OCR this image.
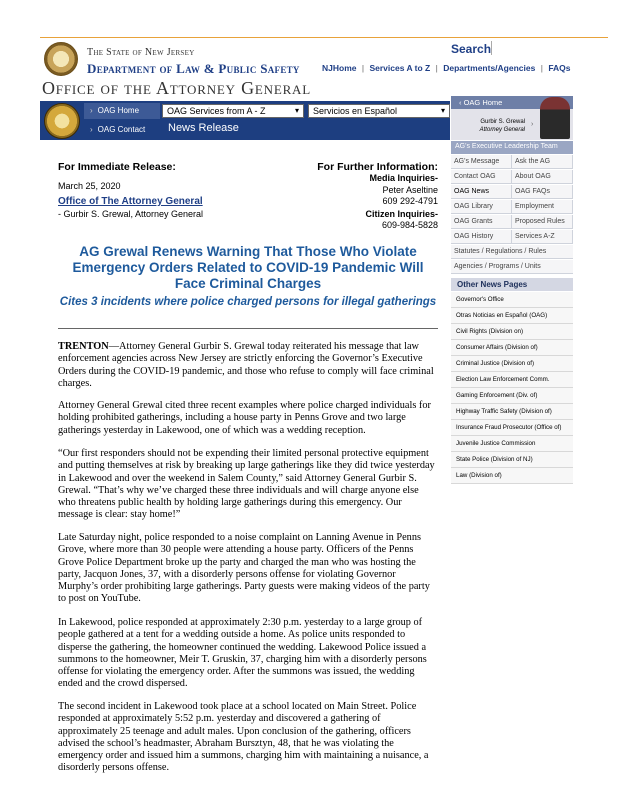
The State of New Jersey
Department of Law & Public Safety
Office of the Attorney General
Search
NJHome | Services A to Z | Departments/Agencies | FAQs
› OAG Home
› OAG Contact
OAG Services from A - Z	▾	Servicios en Español	▾
News Release
‹ OAG Home
Gurbir S. Grewal
Attorney General
›
AG's Executive Leadership Team
AG's Message	Ask the AG
Contact OAG	About OAG
OAG News	OAG FAQs
OAG Library	Employment
OAG Grants	Proposed Rules
OAG History	Services A-Z
Statutes / Regulations / Rules
Agencies / Programs / Units
Other News Pages
Governor's Office
Otras Noticias en Español (OAG)
Civil Rights (Division on)
Consumer Affairs (Division of)
Criminal Justice (Division of)
Election Law Enforcement Comm.
Gaming Enforcement (Div. of)
Highway Traffic Safety (Division of)
Insurance Fraud Prosecutor (Office of)
Juvenile Justice Commission
State Police (Division of NJ)
Law (Division of)
For Immediate Release:
March 25, 2020
Office of The Attorney General
- Gurbir S. Grewal, Attorney General
For Further Information:
Media Inquiries-
Peter Aseltine
609 292-4791
Citizen Inquiries-
609-984-5828
AG Grewal Renews Warning That Those Who Violate Emergency Orders Related to COVID-19 Pandemic Will Face Criminal Charges
Cites 3 incidents where police charged persons for illegal gatherings
TRENTON—Attorney General Gurbir S. Grewal today reiterated his message that law enforcement agencies across New Jersey are strictly enforcing the Governor’s Executive Orders during the COVID-19 pandemic, and those who refuse to comply will face criminal charges.
Attorney General Grewal cited three recent examples where police charged individuals for holding prohibited gatherings, including a house party in Penns Grove and two large gatherings yesterday in Lakewood, one of which was a wedding reception.
“Our first responders should not be expending their limited personal protective equipment and putting themselves at risk by breaking up large gatherings like they did twice yesterday in Lakewood and over the weekend in Salem County,” said Attorney General Gurbir S. Grewal. “That’s why we’ve charged these three individuals and will charge anyone else who threatens public health by holding large gatherings during this emergency. Our message is clear: stay home!”
Late Saturday night, police responded to a noise complaint on Lanning Avenue in Penns Grove, where more than 30 people were attending a house party. Officers of the Penns Grove Police Department broke up the party and charged the man who was hosting the party, Jacquon Jones, 37, with a disorderly persons offense for violating Governor Murphy’s order prohibiting large gatherings. Party guests were making videos of the party to post on YouTube.
In Lakewood, police responded at approximately 2:30 p.m. yesterday to a large group of people gathered at a tent for a wedding outside a home. As police units responded to disperse the gathering, the homeowner continued the wedding. Lakewood Police issued a summons to the homeowner, Meir T. Gruskin, 37, charging him with a disorderly persons offense for violating the emergency order. After the summons was issued, the wedding ended and the crowd dispersed.
The second incident in Lakewood took place at a school located on Main Street. Police responded at approximately 5:52 p.m. yesterday and discovered a gathering of approximately 25 teenage and adult males. Upon conclusion of the gathering, officers advised the school’s headmaster, Abraham Bursztyn, 48, that he was violating the emergency order and issued him a summons, charging him with maintaining a nuisance, a disorderly persons offense.
